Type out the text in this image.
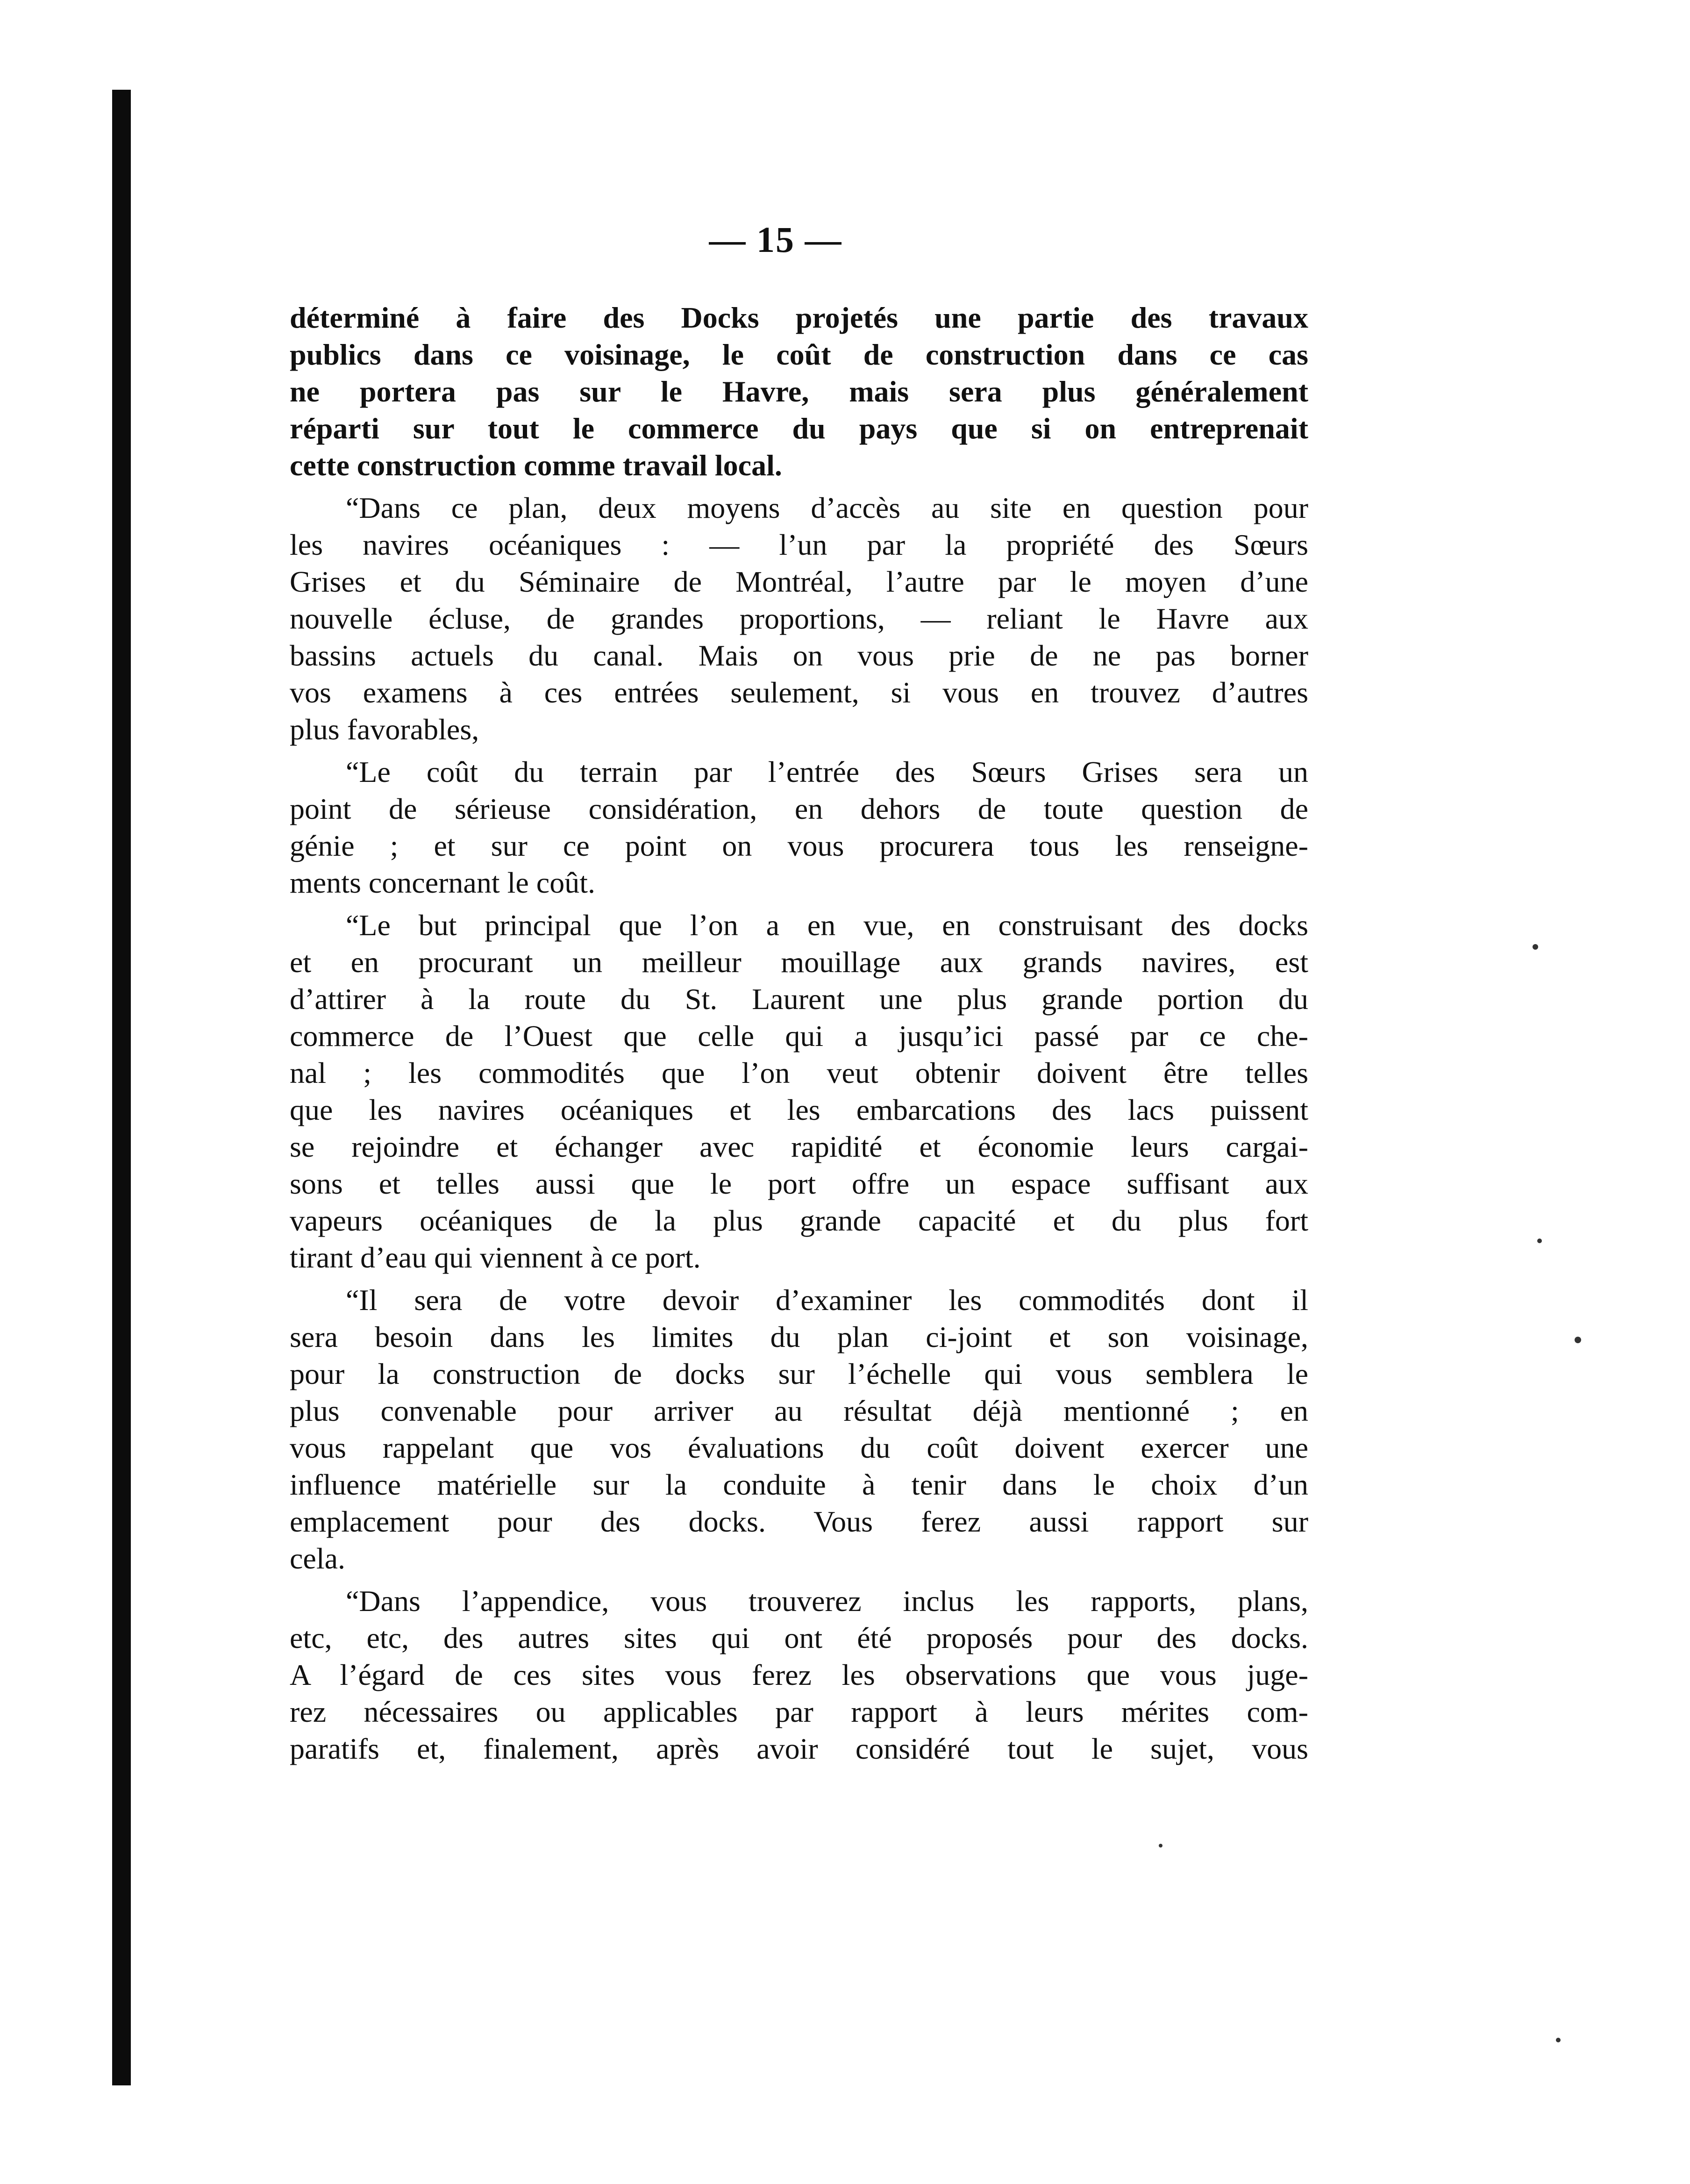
— 15 —
déterminé à faire des Docks projetés une partie des travaux
publics dans ce voisinage, le coût de construction dans ce cas
ne portera pas sur le Havre, mais sera plus généralement
réparti sur tout le commerce du pays que si on entreprenait
cette construction comme travail local.
“Dans ce plan, deux moyens d’accès au site en question pour
les navires océaniques : — l’un par la propriété des Sœurs
Grises et du Séminaire de Montréal, l’autre par le moyen d’une
nouvelle écluse, de grandes proportions, — reliant le Havre aux
bassins actuels du canal. Mais on vous prie de ne pas borner
vos examens à ces entrées seulement, si vous en trouvez d’autres
plus favorables,
“Le coût du terrain par l’entrée des Sœurs Grises sera un
point de sérieuse considération, en dehors de toute question de
génie ; et sur ce point on vous procurera tous les renseigne-
ments concernant le coût.
“Le but principal que l’on a en vue, en construisant des docks
et en procurant un meilleur mouillage aux grands navires, est
d’attirer à la route du St. Laurent une plus grande portion du
commerce de l’Ouest que celle qui a jusqu’ici passé par ce che-
nal ; les commodités que l’on veut obtenir doivent être telles
que les navires océaniques et les embarcations des lacs puissent
se rejoindre et échanger avec rapidité et économie leurs cargai-
sons et telles aussi que le port offre un espace suffisant aux
vapeurs océaniques de la plus grande capacité et du plus fort
tirant d’eau qui viennent à ce port.
“Il sera de votre devoir d’examiner les commodités dont il
sera besoin dans les limites du plan ci-joint et son voisinage,
pour la construction de docks sur l’échelle qui vous semblera le
plus convenable pour arriver au résultat déjà mentionné ; en
vous rappelant que vos évaluations du coût doivent exercer une
influence matérielle sur la conduite à tenir dans le choix d’un
emplacement pour des docks. Vous ferez aussi rapport sur
cela.
“Dans l’appendice, vous trouverez inclus les rapports, plans,
etc, etc, des autres sites qui ont été proposés pour des docks.
A l’égard de ces sites vous ferez les observations que vous juge-
rez nécessaires ou applicables par rapport à leurs mérites com-
paratifs et, finalement, après avoir considéré tout le sujet, vous
